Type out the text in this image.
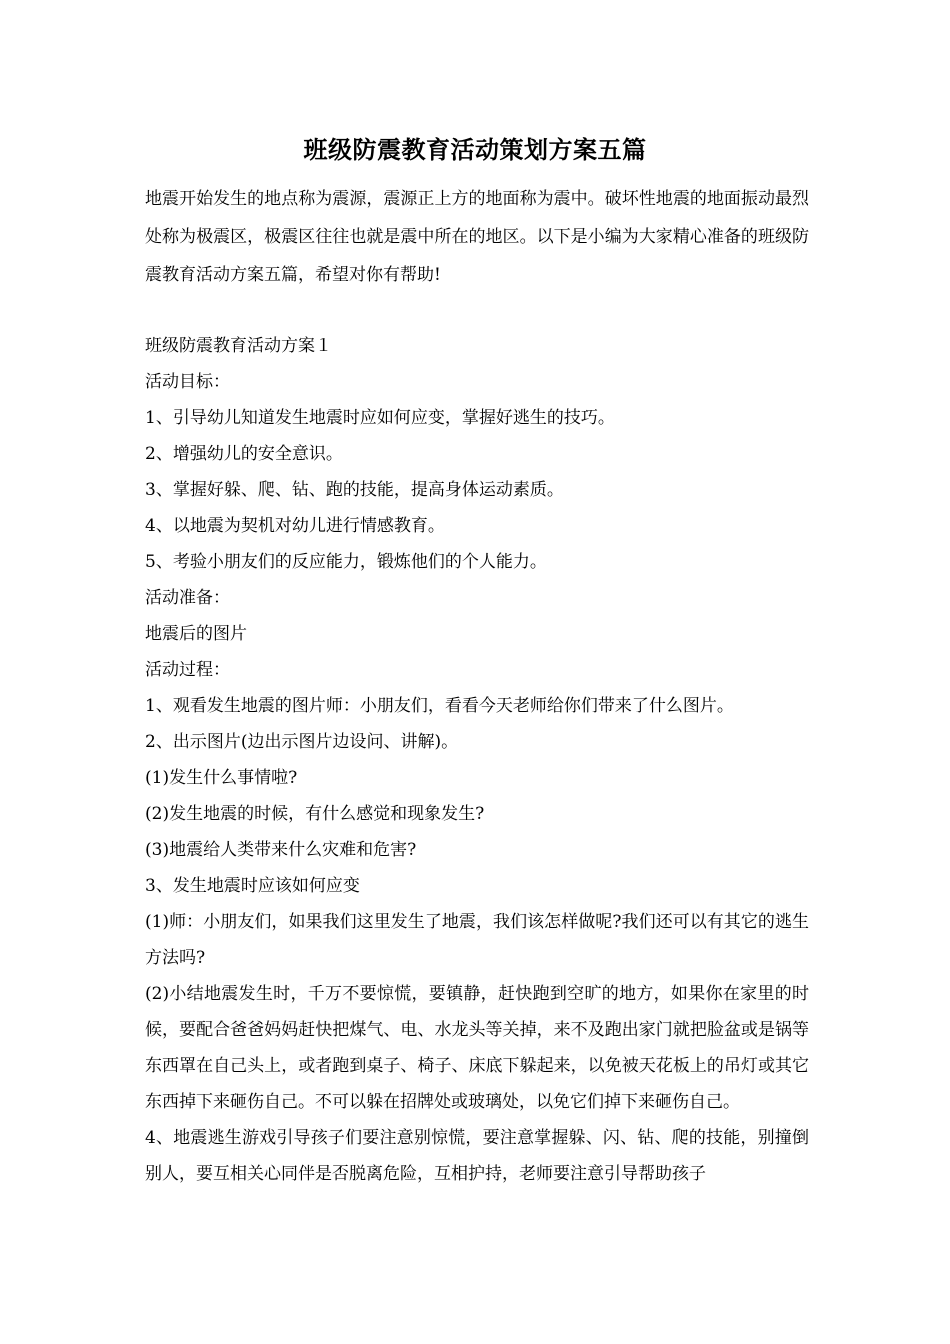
班级防震教育活动策划方案五篇

地震开始发生的地点称为震源，震源正上方的地面称为震中。破坏性地震的地面振动最烈处称为极震区，极震区往往也就是震中所在的地区。以下是小编为大家精心准备的班级防震教育活动方案五篇，希望对你有帮助!

班级防震教育活动方案１

活动目标：

1、引导幼儿知道发生地震时应如何应变，掌握好逃生的技巧。

2、增强幼儿的安全意识。

3、掌握好躲、爬、钻、跑的技能，提高身体运动素质。

4、以地震为契机对幼儿进行情感教育。

5、考验小朋友们的反应能力，锻炼他们的个人能力。

活动准备：

地震后的图片

活动过程：

1、观看发生地震的图片师：小朋友们，看看今天老师给你们带来了什么图片。

2、出示图片(边出示图片边设问、讲解)。

(1)发生什么事情啦?

(2)发生地震的时候，有什么感觉和现象发生?

(3)地震给人类带来什么灾难和危害?

3、发生地震时应该如何应变

(1)师：小朋友们，如果我们这里发生了地震，我们该怎样做呢?我们还可以有其它的逃生方法吗?

(2)小结地震发生时，千万不要惊慌，要镇静，赶快跑到空旷的地方，如果你在家里的时候，要配合爸爸妈妈赶快把煤气、电、水龙头等关掉，来不及跑出家门就把脸盆或是锅等东西罩在自己头上，或者跑到桌子、椅子、床底下躲起来，以免被天花板上的吊灯或其它东西掉下来砸伤自己。不可以躲在招牌处或玻璃处，以免它们掉下来砸伤自己。

4、地震逃生游戏引导孩子们要注意别惊慌，要注意掌握躲、闪、钻、爬的技能，别撞倒别人，要互相关心同伴是否脱离危险，互相护持，老师要注意引导帮助孩子
